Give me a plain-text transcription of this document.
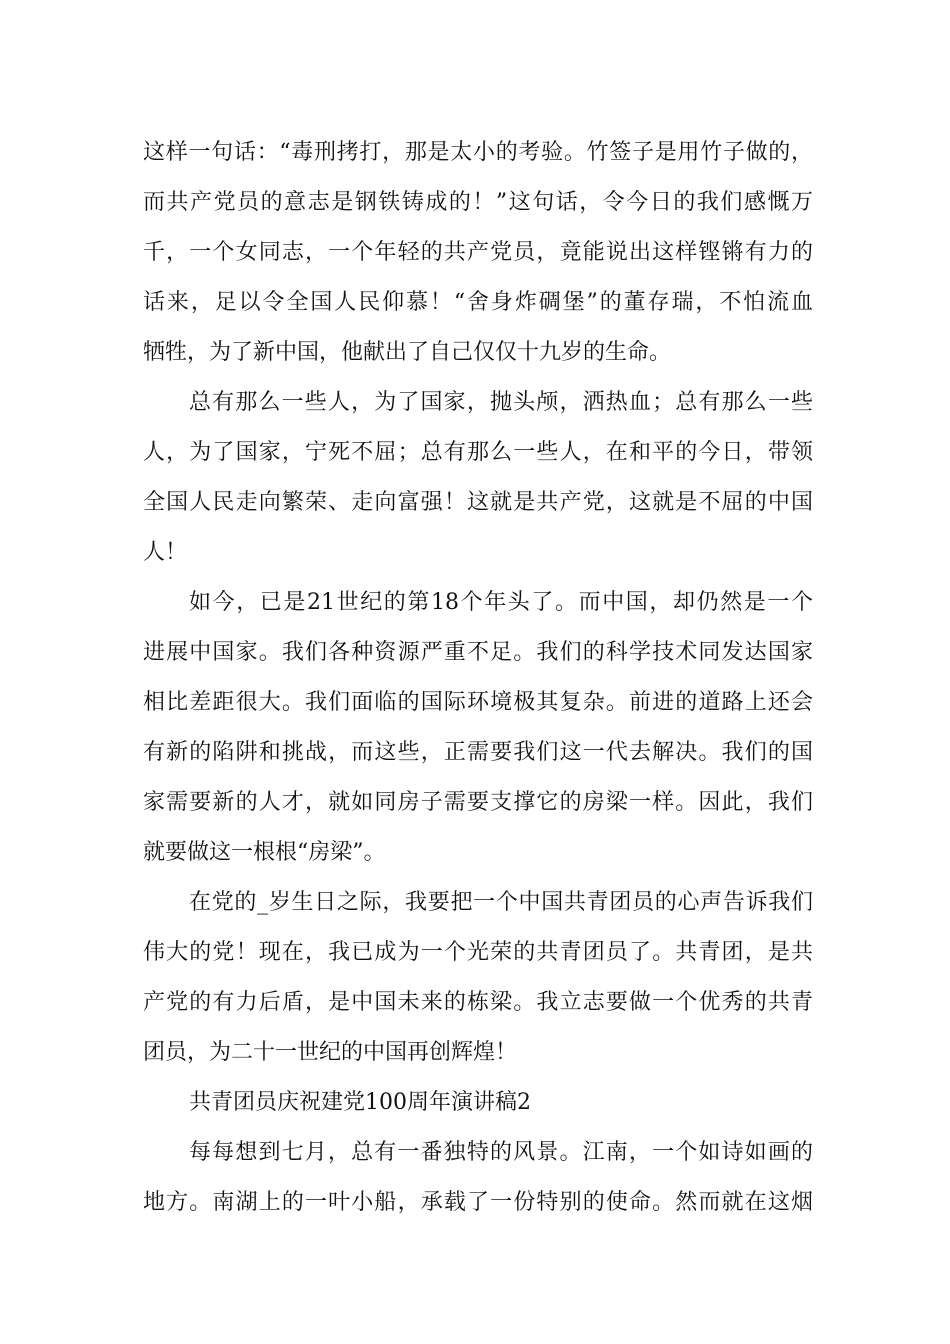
这样一句话：“毒刑拷打，那是太小的考验。竹签子是用竹子做的，
而共产党员的意志是钢铁铸成的！”这句话，令今日的我们感慨万
千，一个女同志，一个年轻的共产党员，竟能说出这样铿锵有力的
话来，足以令全国人民仰慕！“舍身炸碉堡”的董存瑞，不怕流血
牺牲，为了新中国，他献出了自己仅仅十九岁的生命。
总有那么一些人，为了国家，抛头颅，洒热血；总有那么一些
人，为了国家，宁死不屈；总有那么一些人，在和平的今日，带领
全国人民走向繁荣、走向富强！这就是共产党，这就是不屈的中国
人！
如今，已是21世纪的第18个年头了。而中国，却仍然是一个
进展中国家。我们各种资源严重不足。我们的科学技术同发达国家
相比差距很大。我们面临的国际环境极其复杂。前进的道路上还会
有新的陷阱和挑战，而这些，正需要我们这一代去解决。我们的国
家需要新的人才，就如同房子需要支撑它的房梁一样。因此，我们
就要做这一根根“房梁”。
在党的_岁生日之际，我要把一个中国共青团员的心声告诉我们
伟大的党！现在，我已成为一个光荣的共青团员了。共青团，是共
产党的有力后盾，是中国未来的栋梁。我立志要做一个优秀的共青
团员，为二十一世纪的中国再创辉煌！
共青团员庆祝建党100周年演讲稿2
每每想到七月，总有一番独特的风景。江南，一个如诗如画的
地方。南湖上的一叶小船，承载了一份特别的使命。然而就在这烟
